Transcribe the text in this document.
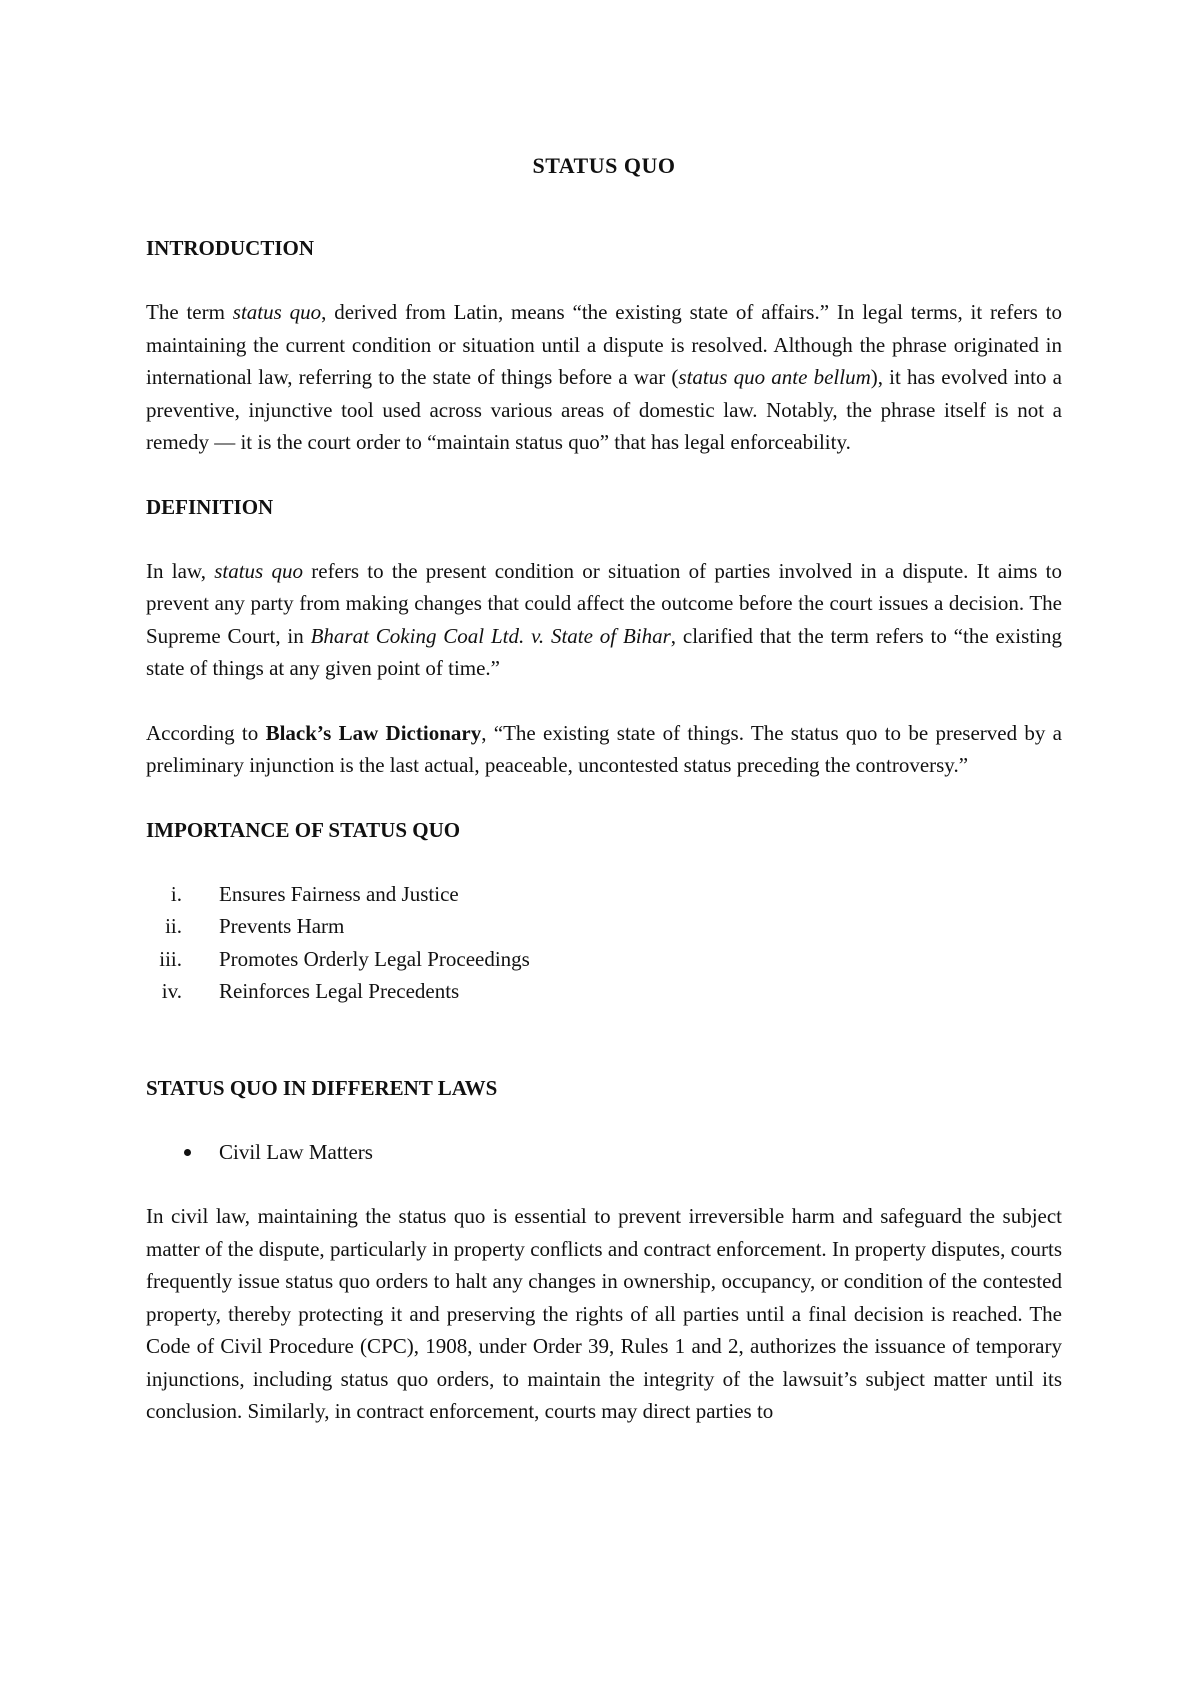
STATUS QUO
INTRODUCTION

The term status quo, derived from Latin, means “the existing state of affairs.” In legal terms, it refers to maintaining the current condition or situation until a dispute is resolved. Although the phrase originated in international law, referring to the state of things before a war (status quo ante bellum), it has evolved into a preventive, injunctive tool used across various areas of domestic law. Notably, the phrase itself is not a remedy — it is the court order to “maintain status quo” that has legal enforceability.

DEFINITION

In law, status quo refers to the present condition or situation of parties involved in a dispute. It aims to prevent any party from making changes that could affect the outcome before the court issues a decision. The Supreme Court, in Bharat Coking Coal Ltd. v. State of Bihar, clarified that the term refers to “the existing state of things at any given point of time.”

According to Black’s Law Dictionary, “The existing state of things. The status quo to be preserved by a preliminary injunction is the last actual, peaceable, uncontested status preceding the controversy.”

IMPORTANCE OF STATUS QUO
i. Ensures Fairness and Justice
ii. Prevents Harm
iii. Promotes Orderly Legal Proceedings
iv. Reinforces Legal Precedents
STATUS QUO IN DIFFERENT LAWS
Civil Law Matters

In civil law, maintaining the status quo is essential to prevent irreversible harm and safeguard the subject matter of the dispute, particularly in property conflicts and contract enforcement. In property disputes, courts frequently issue status quo orders to halt any changes in ownership, occupancy, or condition of the contested property, thereby protecting it and preserving the rights of all parties until a final decision is reached. The Code of Civil Procedure (CPC), 1908, under Order 39, Rules 1 and 2, authorizes the issuance of temporary injunctions, including status quo orders, to maintain the integrity of the lawsuit’s subject matter until its conclusion. Similarly, in contract enforcement, courts may direct parties to
